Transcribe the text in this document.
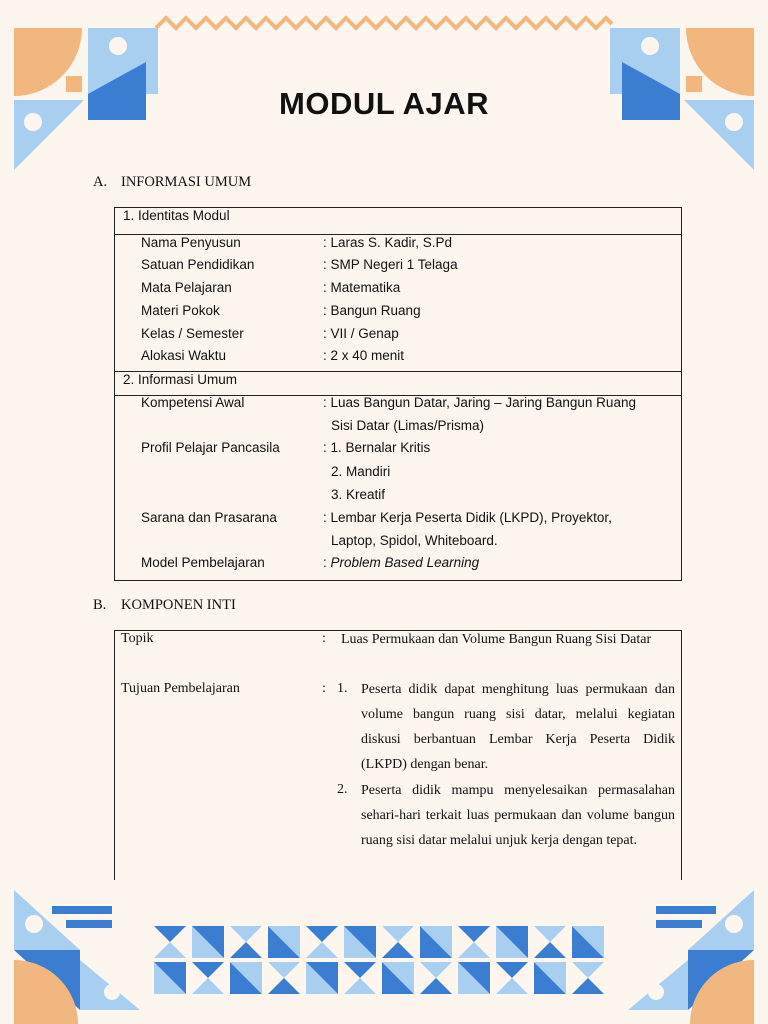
MODUL AJAR
A. INFORMASI UMUM
1. Identitas Modul
Nama Penyusun	: Laras S. Kadir, S.Pd
Satuan Pendidikan	: SMP Negeri 1 Telaga
Mata Pelajaran	: Matematika
Materi Pokok	: Bangun Ruang
Kelas / Semester	: VII / Genap
Alokasi Waktu	: 2 x 40 menit
2. Informasi Umum
Kompetensi Awal	: Luas Bangun Datar, Jaring – Jaring Bangun Ruang
Sisi Datar (Limas/Prisma)
Profil Pelajar Pancasila	: 1. Bernalar Kritis
2. Mandiri
3. Kreatif
Sarana dan Prasarana	: Lembar Kerja Peserta Didik (LKPD), Proyektor,
Laptop, Spidol, Whiteboard.
Model Pembelajaran	: Problem Based Learning
B. KOMPONEN INTI
Topik	: Luas Permukaan dan Volume Bangun Ruang Sisi Datar
Tujuan Pembelajaran	: 1. Peserta didik dapat menghitung luas permukaan dan volume bangun ruang sisi datar, melalui kegiatan diskusi berbantuan Lembar Kerja Peserta Didik (LKPD) dengan benar.
2. Peserta didik mampu menyelesaikan permasalahan sehari-hari terkait luas permukaan dan volume bangun ruang sisi datar melalui unjuk kerja dengan tepat.
